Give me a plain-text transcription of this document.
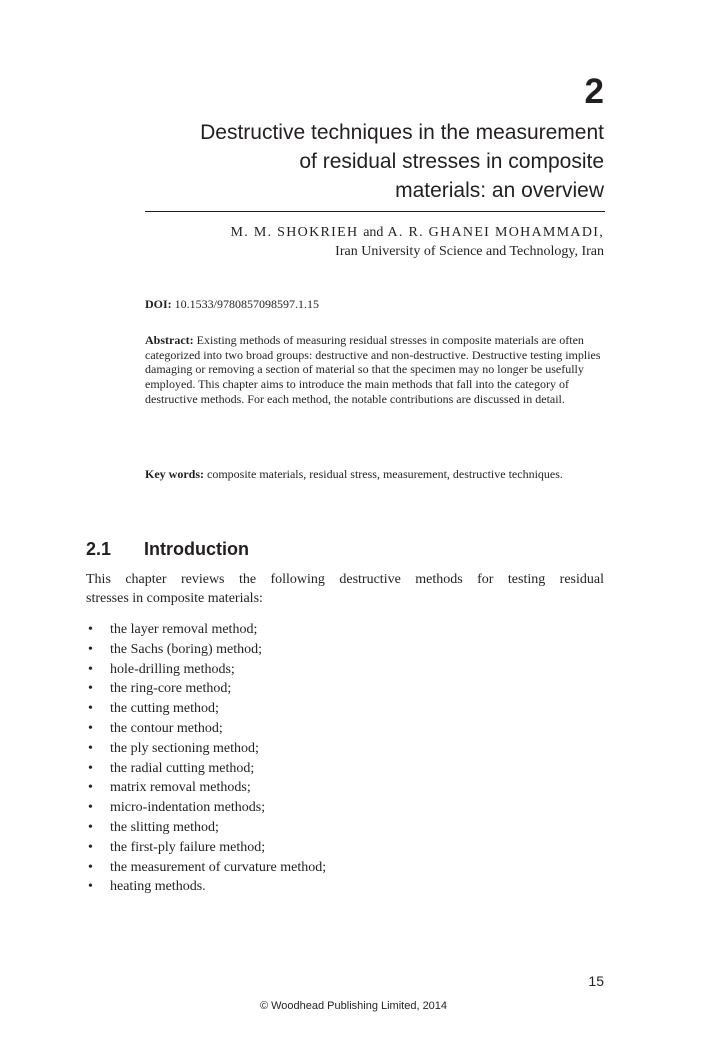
2
Destructive techniques in the measurement
of residual stresses in composite
materials: an overview
M. M. SHOKRIEH and A. R. GHANEI MOHAMMADI,
Iran University of Science and Technology, Iran
DOI: 10.1533/9780857098597.1.15
Abstract: Existing methods of measuring residual stresses in composite materials are often categorized into two broad groups: destructive and non-destructive. Destructive testing implies damaging or removing a section of material so that the specimen may no longer be usefully employed. This chapter aims to introduce the main methods that fall into the category of destructive methods. For each method, the notable contributions are discussed in detail.
Key words: composite materials, residual stress, measurement, destructive techniques.
2.1 Introduction
This chapter reviews the following destructive methods for testing residual
stresses in composite materials:
• the layer removal method;
• the Sachs (boring) method;
• hole-drilling methods;
• the ring-core method;
• the cutting method;
• the contour method;
• the ply sectioning method;
• the radial cutting method;
• matrix removal methods;
• micro-indentation methods;
• the slitting method;
• the first-ply failure method;
• the measurement of curvature method;
• heating methods.
15
© Woodhead Publishing Limited, 2014
